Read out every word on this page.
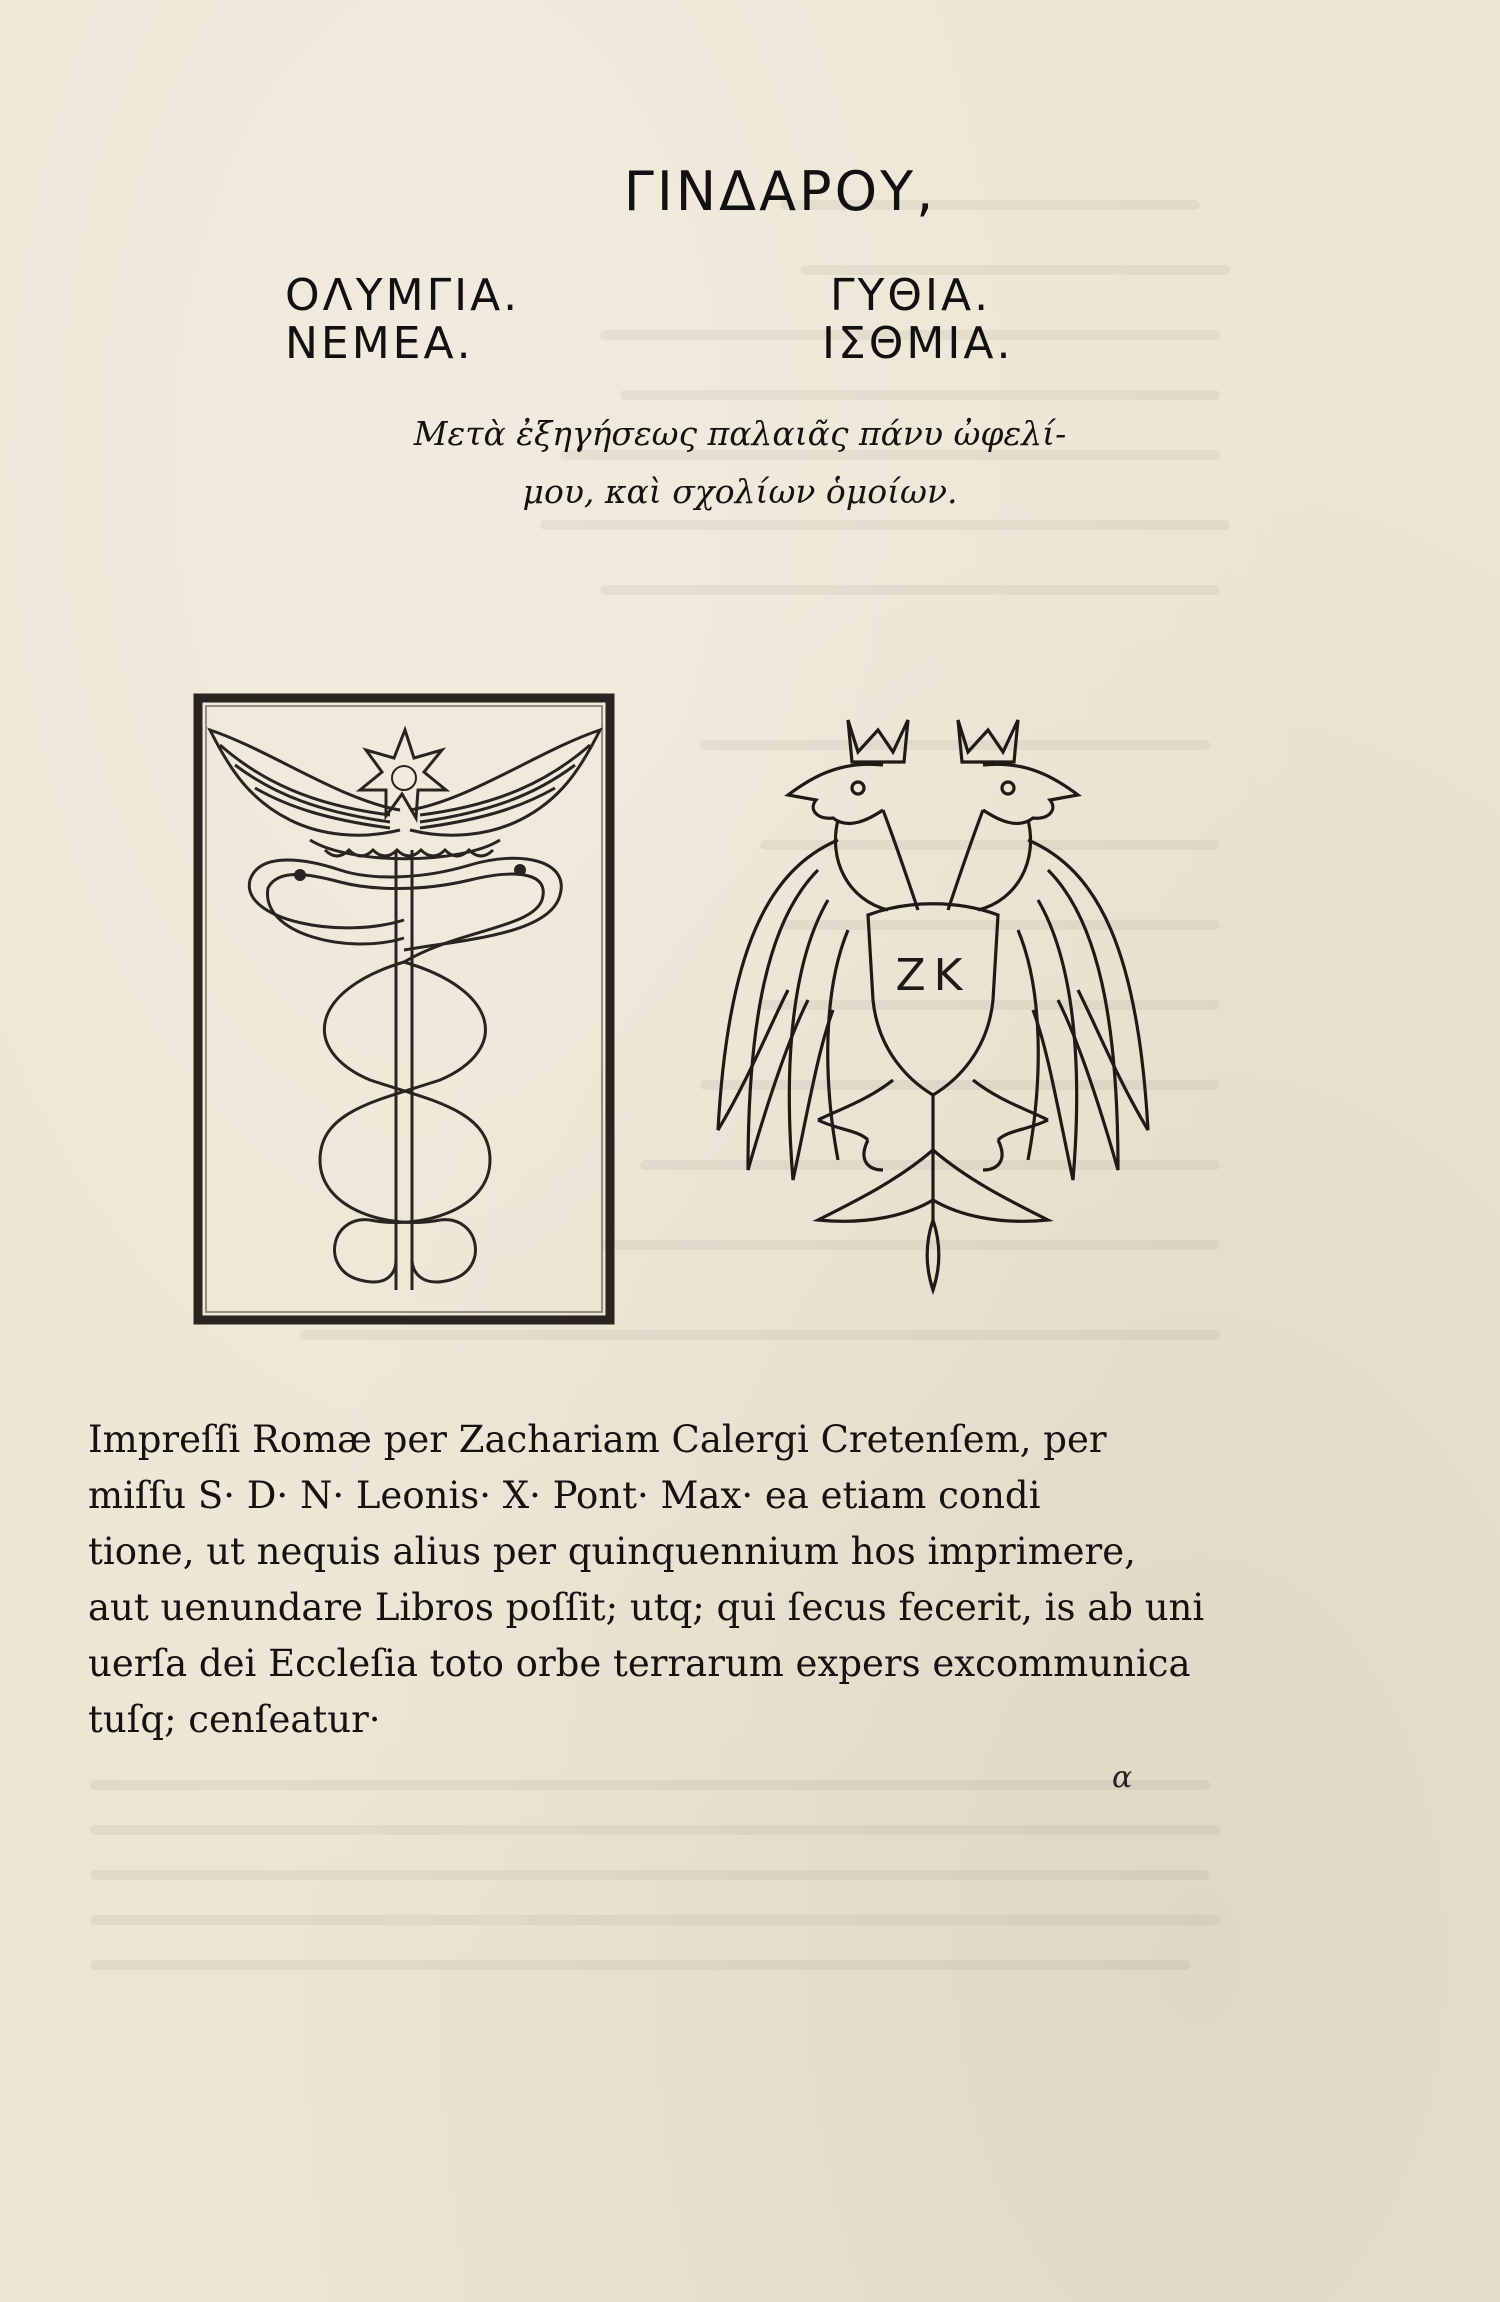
ΓΙΝΔΑΡΟΥ,
ΟΛΥΜΓΙΑ.
ΝΕΜΕΑ.
ΓΥΘΙΑ.
ΙΣΘΜΙΑ.
Μετὰ ἐξηγήσεως παλαιᾶς πάνυ ὠφελί-
μου, καὶ σχολίων ὁμοίων.
ZK
Impreſſi Romæ per Zachariam Calergi Cretenſem, per
miſſu S· D· N· Leonis· X· Pont· Max· ea etiam condi
tione, ut nequis alius per quinquennium hos imprimere,
aut uenundare Libros poſſit; utq; qui ſecus fecerit, is ab uni
uerſa dei Eccleſia toto orbe terrarum expers excommunica
tuſq; cenſeatur·
α
